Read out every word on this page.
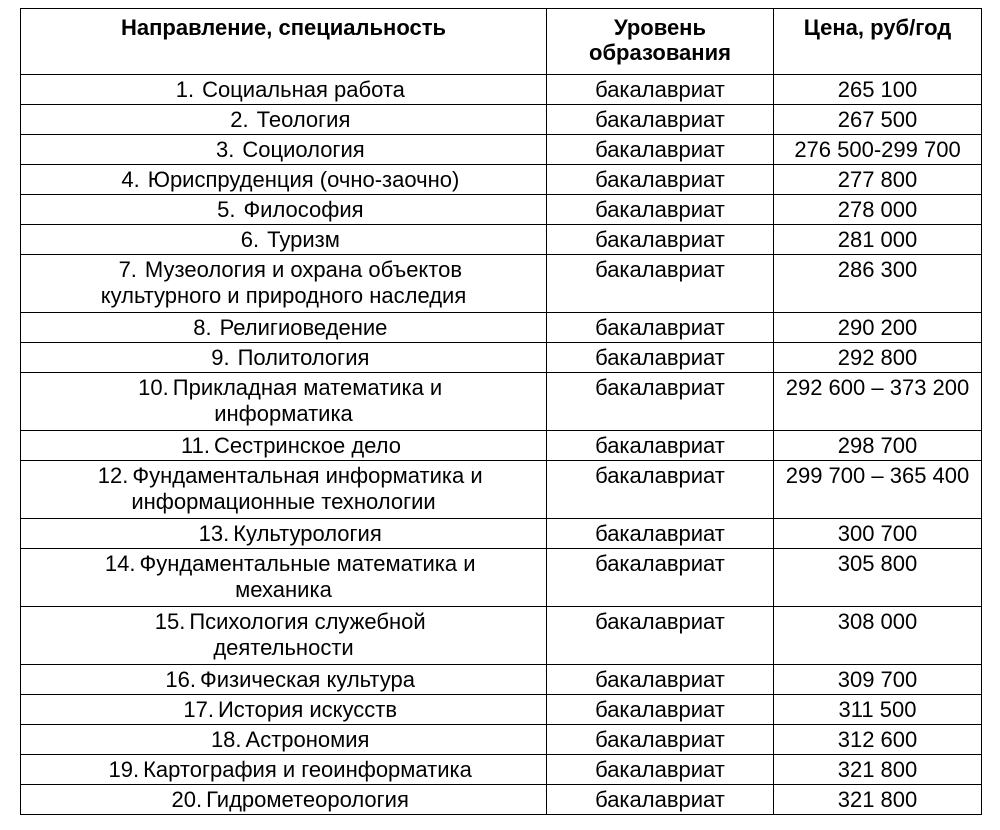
Направление, специальность	Уровень образования	Цена, руб/год
1. Социальная работа	бакалавриат	265 100
2. Теология	бакалавриат	267 500
3. Социология	бакалавриат	276 500-299 700
4. Юриспруденция (очно-заочно)	бакалавриат	277 800
5. Философия	бакалавриат	278 000
6. Туризм	бакалавриат	281 000
7. Музеология и охрана объектов
культурного и природного наследия	бакалавриат	286 300
8. Религиоведение	бакалавриат	290 200
9. Политология	бакалавриат	292 800
10. Прикладная математика и
информатика	бакалавриат	292 600 – 373 200
11. Сестринское дело	бакалавриат	298 700
12. Фундаментальная информатика и
информационные технологии	бакалавриат	299 700 – 365 400
13. Культурология	бакалавриат	300 700
14. Фундаментальные математика и
механика	бакалавриат	305 800
15. Психология служебной
деятельности	бакалавриат	308 000
16. Физическая культура	бакалавриат	309 700
17. История искусств	бакалавриат	311 500
18. Астрономия	бакалавриат	312 600
19. Картография и геоинформатика	бакалавриат	321 800
20. Гидрометеорология	бакалавриат	321 800
